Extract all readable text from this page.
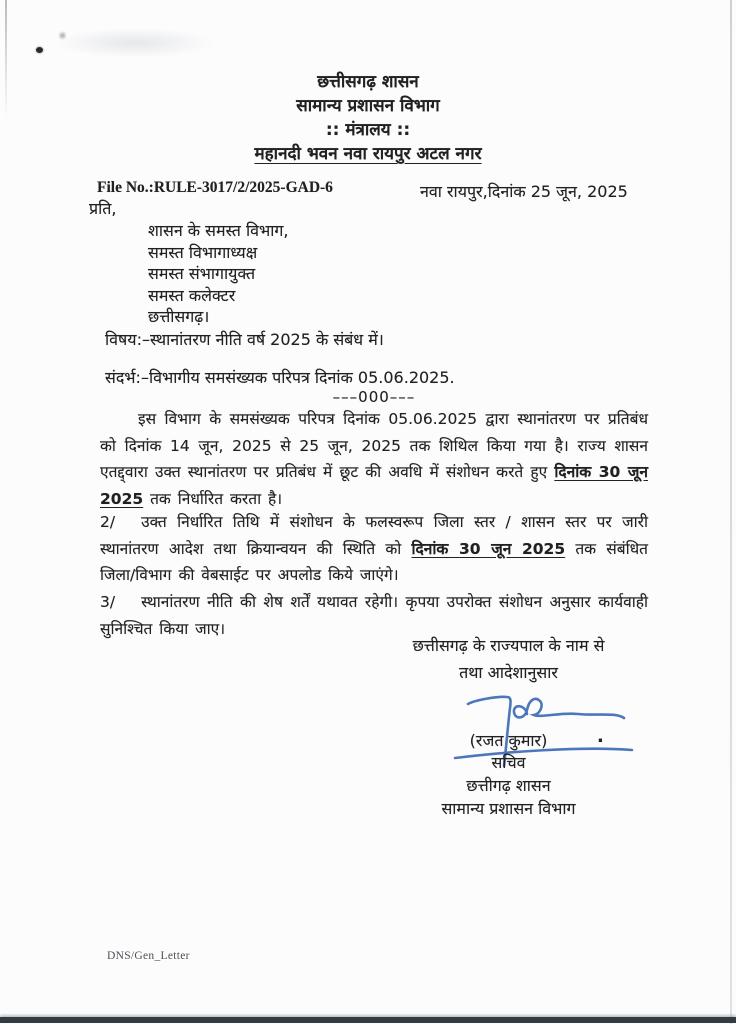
छत्तीसगढ़ शासन
सामान्य प्रशासन विभाग
:: मंत्रालय ::
महानदी भवन नवा रायपुर अटल नगर
File No.:RULE-3017/2/2025-GAD-6	नवा रायपुर,दिनांक 25 जून, 2025
प्रति,
शासन के समस्त विभाग,
समस्त विभागाध्यक्ष
समस्त संभागायुक्त
समस्त कलेक्टर
छत्तीसगढ़।
विषय:–स्थानांतरण नीति वर्ष 2025 के संबंध में।
संदर्भ:–विभागीय समसंख्यक परिपत्र दिनांक 05.06.2025.
–––000–––
इस विभाग के समसंख्यक परिपत्र दिनांक 05.06.2025 द्वारा स्थानांतरण पर प्रतिबंध को दिनांक 14 जून, 2025 से 25 जून, 2025 तक शिथिल किया गया है। राज्य शासन एतद्द्वारा उक्त स्थानांतरण पर प्रतिबंध में छूट की अवधि में संशोधन करते हुए दिनांक 30 जून 2025 तक निर्धारित करता है।
2/ उक्त निर्धारित तिथि में संशोधन के फलस्वरूप जिला स्तर / शासन स्तर पर जारी स्थानांतरण आदेश तथा क्रियान्वयन की स्थिति को दिनांक 30 जून 2025 तक संबंधित जिला/विभाग की वेबसाईट पर अपलोड किये जाएंगे।
3/ स्थानांतरण नीति की शेष शर्तें यथावत रहेगी। कृपया उपरोक्त संशोधन अनुसार कार्यवाही सुनिश्चित किया जाए।
छत्तीसगढ़ के राज्यपाल के नाम से
तथा आदेशानुसार
(रजत कुमार)	.
सचिव
छत्तीगढ़ शासन
सामान्य प्रशासन विभाग
DNS/Gen_Letter
